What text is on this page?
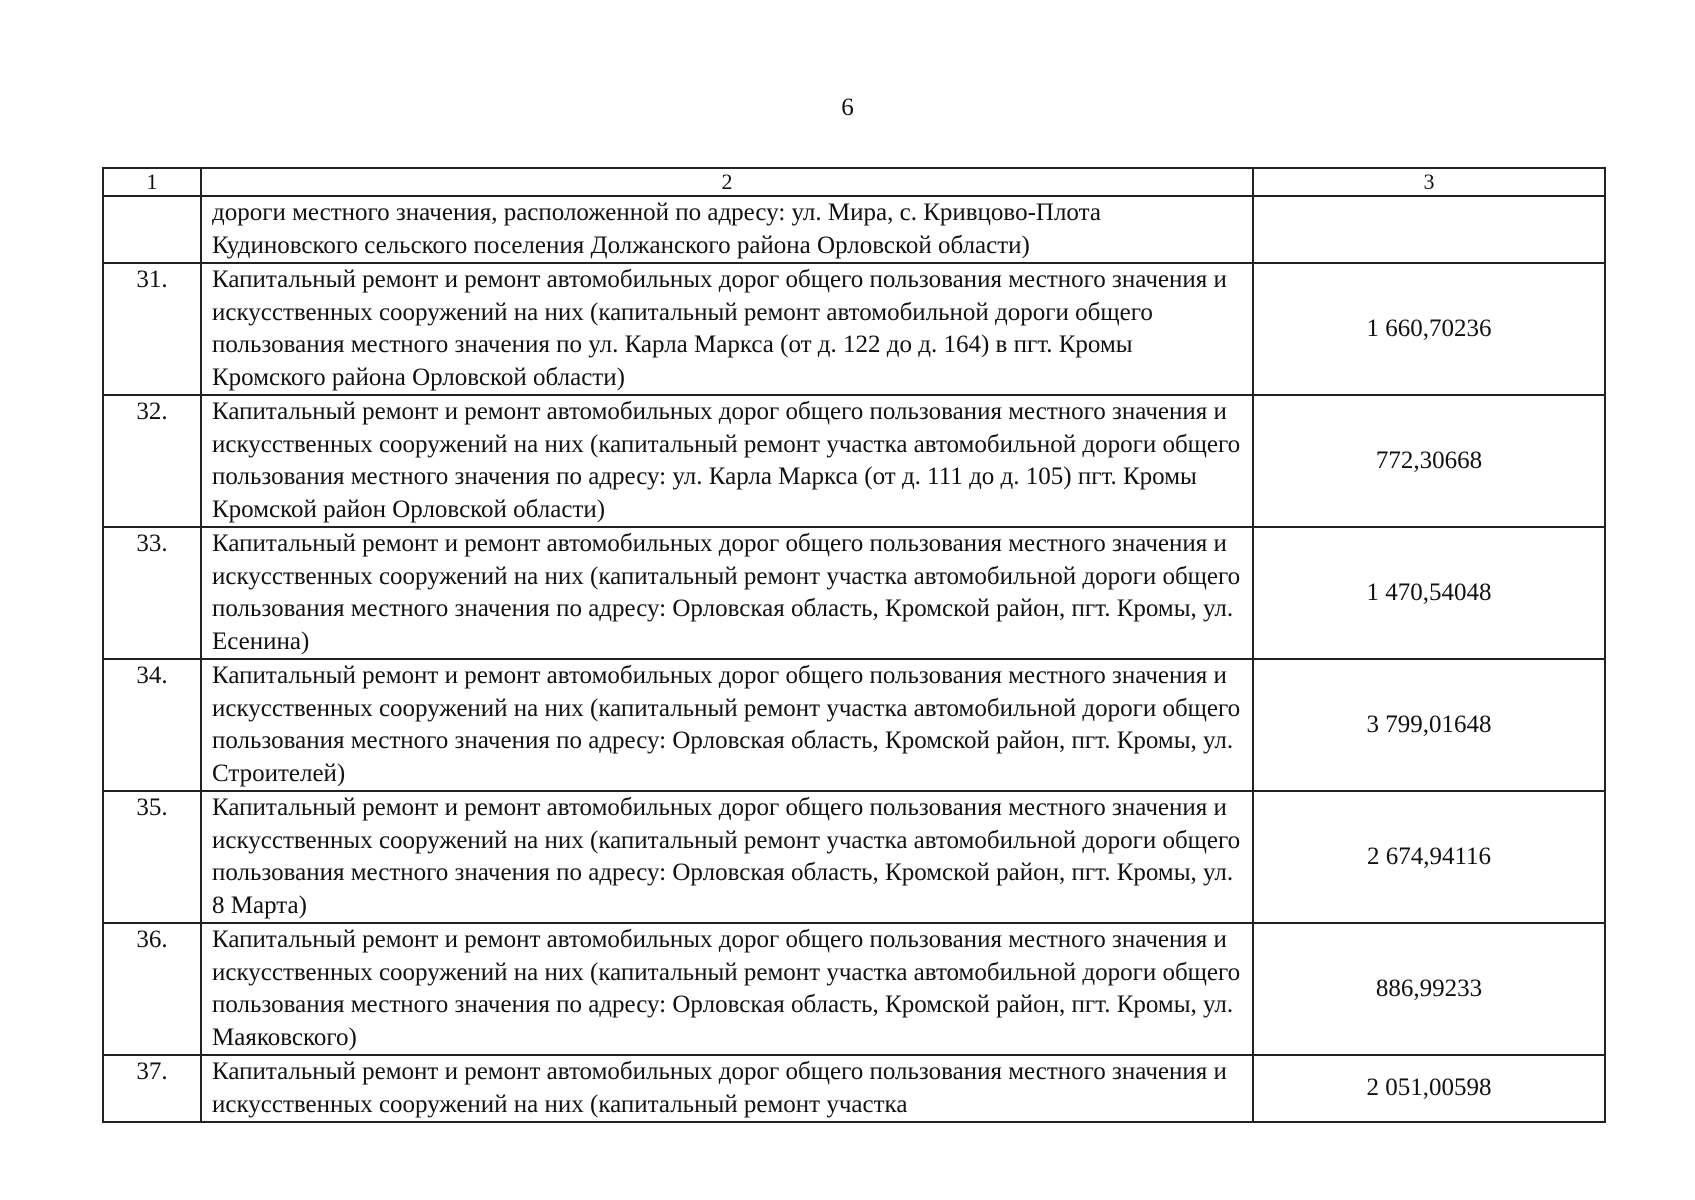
6
1	2	3
	дороги местного значения, расположенной по адресу: ул. Мира, с. Кривцово-Плота Кудиновского сельского поселения Должанского района Орловской области)	
31.	Капитальный ремонт и ремонт автомобильных дорог общего пользования местного значения и искусственных сооружений на них (капитальный ремонт автомобильной дороги общего пользования местного значения по ул. Карла Маркса (от д. 122 до д. 164) в пгт. Кромы Кромского района Орловской области)	1 660,70236
32.	Капитальный ремонт и ремонт автомобильных дорог общего пользования местного значения и искусственных сооружений на них (капитальный ремонт участка автомобильной дороги общего пользования местного значения по адресу: ул. Карла Маркса (от д. 111 до д. 105) пгт. Кромы Кромской район Орловской области)	772,30668
33.	Капитальный ремонт и ремонт автомобильных дорог общего пользования местного значения и искусственных сооружений на них (капитальный ремонт участка автомобильной дороги общего пользования местного значения по адресу: Орловская область, Кромской район, пгт. Кромы, ул. Есенина)	1 470,54048
34.	Капитальный ремонт и ремонт автомобильных дорог общего пользования местного значения и искусственных сооружений на них (капитальный ремонт участка автомобильной дороги общего пользования местного значения по адресу: Орловская область, Кромской район, пгт. Кромы, ул. Строителей)	3 799,01648
35.	Капитальный ремонт и ремонт автомобильных дорог общего пользования местного значения и искусственных сооружений на них (капитальный ремонт участка автомобильной дороги общего пользования местного значения по адресу: Орловская область, Кромской район, пгт. Кромы, ул. 8 Марта)	2 674,94116
36.	Капитальный ремонт и ремонт автомобильных дорог общего пользования местного значения и искусственных сооружений на них (капитальный ремонт участка автомобильной дороги общего пользования местного значения по адресу: Орловская область, Кромской район, пгт. Кромы, ул. Маяковского)	886,99233
37.	Капитальный ремонт и ремонт автомобильных дорог общего пользования местного значения и искусственных сооружений на них (капитальный ремонт участка	2 051,00598
